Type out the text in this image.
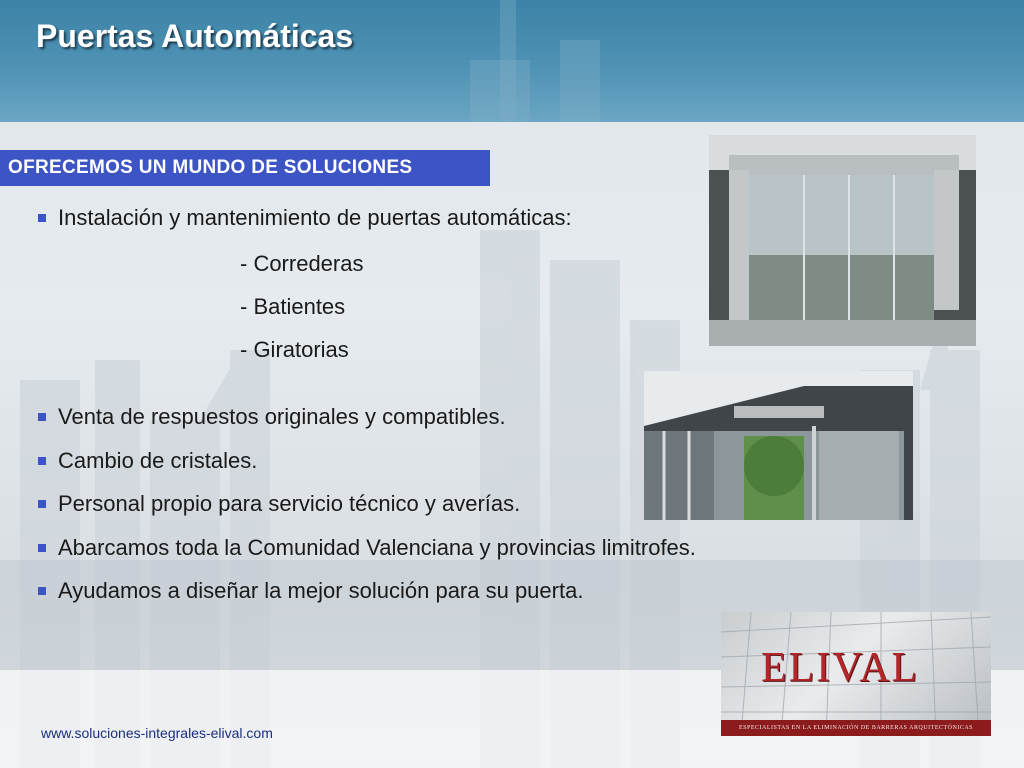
Puertas Automáticas
OFRECEMOS UN MUNDO DE SOLUCIONES
Instalación y mantenimiento de puertas automáticas:
- Correderas
- Batientes
- Giratorias
Venta de respuestos originales y compatibles.
Cambio de cristales.
Personal propio para servicio técnico y averías.
Abarcamos toda la Comunidad Valenciana y provincias limitrofes.
Ayudamos a diseñar la mejor solución para su puerta.
ELIVAL
ESPECIALISTAS EN LA ELIMINACIÓN DE BARRERAS ARQUITECTÓNICAS
www.soluciones-integrales-elival.com
